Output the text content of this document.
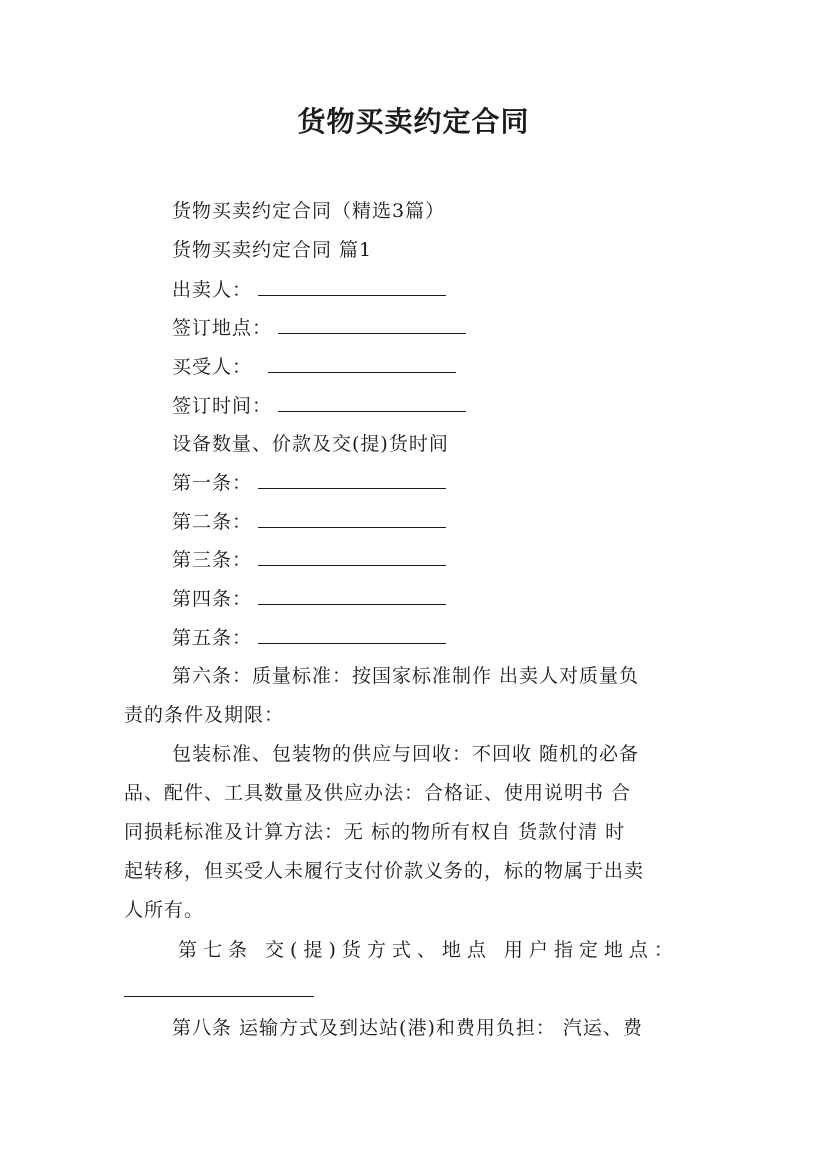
货物买卖约定合同
货物买卖约定合同（精选3篇）
货物买卖约定合同 篇1
出卖人：
签订地点：
买受人：
签订时间：
设备数量、价款及交(提)货时间
第一条：
第二条：
第三条：
第四条：
第五条：
第六条：质量标准：按国家标准制作 出卖人对质量负
责的条件及期限：
包装标准、包装物的供应与回收：不回收 随机的必备
品、配件、工具数量及供应办法：合格证、使用说明书 合
同损耗标准及计算方法：无 标的物所有权自 货款付清 时
起转移，但买受人未履行支付价款义务的，标的物属于出卖
人所有。
第七条 交(提)货方式、地点 用户指定地点：
第八条 运输方式及到达站(港)和费用负担： 汽运、费
